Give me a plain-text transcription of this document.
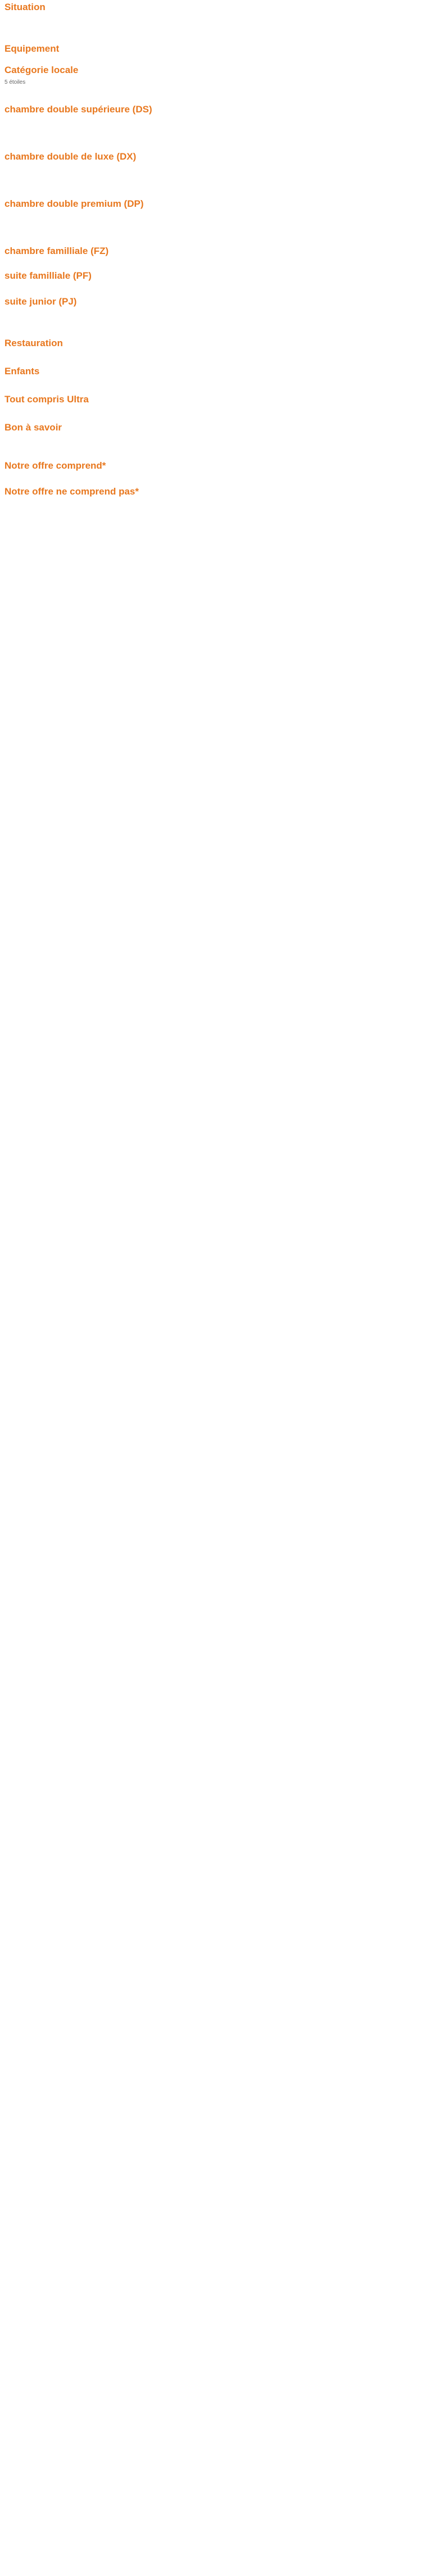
Situation
Equipement
Catégorie locale
5 étoiles
chambre double supérieure (DS)
chambre double de luxe (DX)
chambre double premium (DP)
chambre familliale (FZ)
suite familliale (PF)
suite junior (PJ)
Restauration
Enfants
Tout compris Ultra
Bon à savoir
Notre offre comprend*
Notre offre ne comprend pas*
